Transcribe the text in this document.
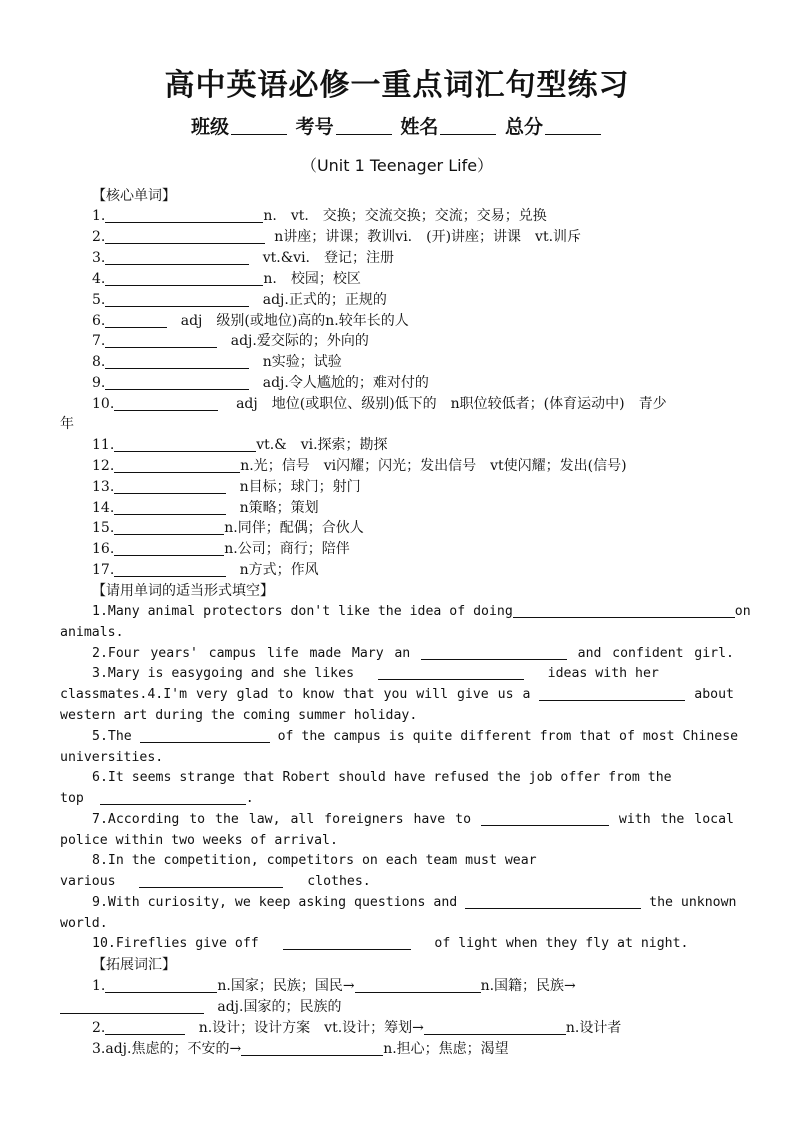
高中英语必修一重点词汇句型练习
班级	考号	姓名	总分
（Unit 1 Teenager Life）
【核心单词】
1.	n.　vt.　交换；交流交换；交流；交易；兑换
2.	n讲座；讲课；教训vi.　(开)讲座；讲课　vt.训斥
3.	vt.&vi.　登记；注册
4.	n.　校园；校区
5.	adj.正式的；正规的
6.	adj　级别(或地位)高的n.较年长的人
7.	adj.爱交际的；外向的
8.	n实验；试验
9.	adj.令人尴尬的；难对付的
10.	adj　地位(或职位、级别)低下的　n职位较低者；(体育运动中)　青少
年
11.	vt.&　vi.探索；勘探
12.	n.光；信号　vi闪耀；闪光；发出信号　vt使闪耀；发出(信号)
13.	n目标；球门；射门
14.	n策略；策划
15.	n.同伴；配偶；合伙人
16.	n.公司；商行；陪伴
17.	n方式；作风
【请用单词的适当形式填空】
1.Many animal protectors don't like the idea of doing	on
animals.
2.Four years' campus life made Mary an	and confident girl.
3.Mary is easygoing and she likes	ideas with her
classmates.4.I'm very glad to know that you will give us a	about
western art during the coming summer holiday.
5.The	of the campus is quite different from that of most Chinese
universities.
6.It seems strange that Robert should have refused the job offer from the
top	.
7.According to the law, all foreigners have to	with the local
police within two weeks of arrival.
8.In the competition, competitors on each team must wear
various	clothes.
9.With curiosity, we keep asking questions and	the unknown
world.
10.Fireflies give off	of light when they fly at night.
【拓展词汇】
1.	n.国家；民族；国民→	n.国籍；民族→
adj.国家的；民族的
2.	n.设计；设计方案　vt.设计；筹划→	n.设计者
3.adj.焦虑的；不安的→	n.担心；焦虑；渴望
